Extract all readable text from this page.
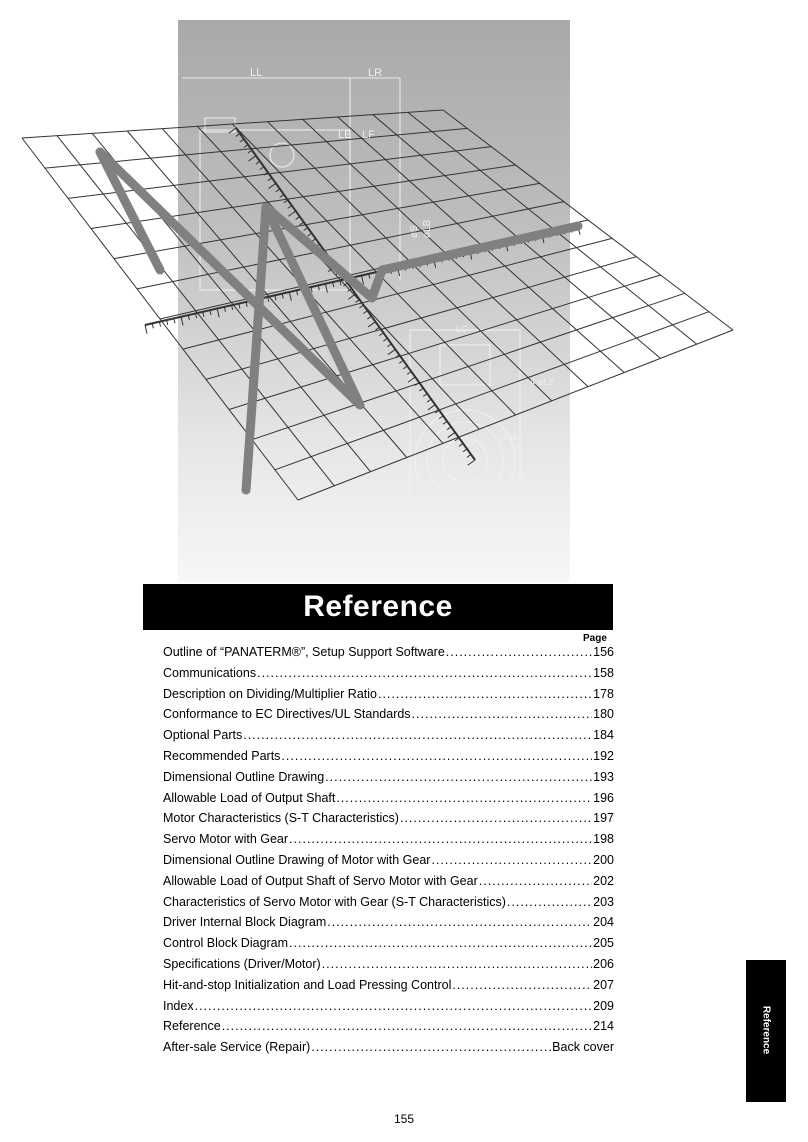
LL	LR
LE LF
LC
4-øLZ
øLD
øLA
øS øLB
M5 深度20
Reference
Page
Outline of “PANATERM®”, Setup Support Software .....	156
Communications .....	158
Description on Dividing/Multiplier Ratio .....	178
Conformance to EC Directives/UL Standards .....	180
Optional Parts .....	184
Recommended Parts .....	192
Dimensional Outline Drawing .....	193
Allowable Load of Output Shaft .....	196
Motor Characteristics (S-T Characteristics) .....	197
Servo Motor with Gear .....	198
Dimensional Outline Drawing of Motor with Gear .....	200
Allowable Load of Output Shaft of Servo Motor with Gear .....	202
Characteristics of Servo Motor with Gear (S-T Characteristics) .....	203
Driver Internal Block Diagram .....	204
Control Block Diagram .....	205
Specifications (Driver/Motor) .....	206
Hit-and-stop Initialization and Load Pressing Control .....	207
Index .....	209
Reference .....	214
After-sale Service (Repair) .....	Back cover	Reference
155
